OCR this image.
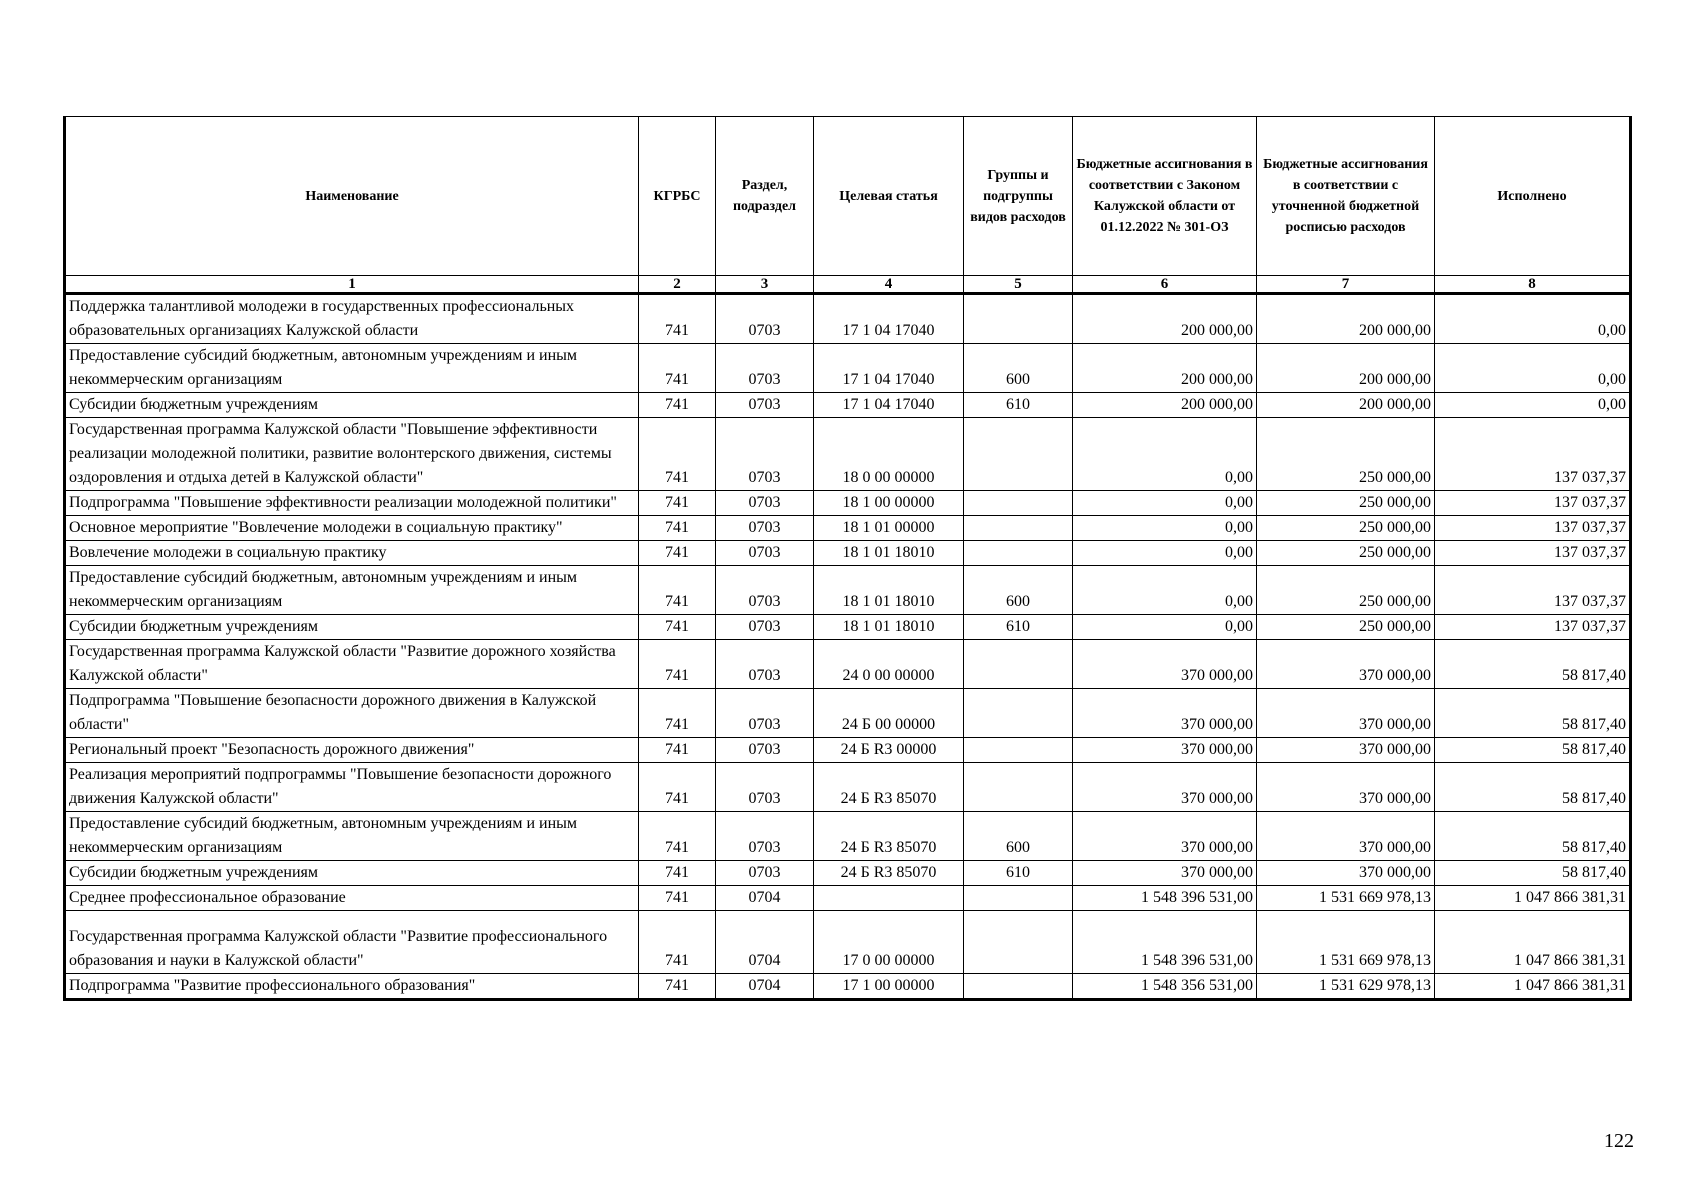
Наименование	КГРБС	Раздел, подраздел	Целевая статья	Группы и подгруппы видов расходов	Бюджетные ассигнования в соответствии с Законом Калужской области от 01.12.2022 № 301-ОЗ	Бюджетные ассигнования в соответствии с уточненной бюджетной росписью расходов	Исполнено
1	2	3	4	5	6	7	8
Поддержка талантливой молодежи в государственных профессиональных образовательных организациях Калужской области	741	0703	17 1 04 17040		200 000,00	200 000,00	0,00
Предоставление субсидий бюджетным, автономным учреждениям и иным некоммерческим организациям	741	0703	17 1 04 17040	600	200 000,00	200 000,00	0,00
Субсидии бюджетным учреждениям	741	0703	17 1 04 17040	610	200 000,00	200 000,00	0,00
Государственная программа Калужской области "Повышение эффективности реализации молодежной политики, развитие волонтерского движения, системы оздоровления и отдыха детей в Калужской области"	741	0703	18 0 00 00000		0,00	250 000,00	137 037,37
Подпрограмма "Повышение эффективности реализации молодежной политики"	741	0703	18 1 00 00000		0,00	250 000,00	137 037,37
Основное мероприятие "Вовлечение молодежи в социальную практику"	741	0703	18 1 01 00000		0,00	250 000,00	137 037,37
Вовлечение молодежи в социальную практику	741	0703	18 1 01 18010		0,00	250 000,00	137 037,37
Предоставление субсидий бюджетным, автономным учреждениям и иным некоммерческим организациям	741	0703	18 1 01 18010	600	0,00	250 000,00	137 037,37
Субсидии бюджетным учреждениям	741	0703	18 1 01 18010	610	0,00	250 000,00	137 037,37
Государственная программа Калужской области "Развитие дорожного хозяйства Калужской области"	741	0703	24 0 00 00000		370 000,00	370 000,00	58 817,40
Подпрограмма "Повышение безопасности дорожного движения в Калужской области"	741	0703	24 Б 00 00000		370 000,00	370 000,00	58 817,40
Региональный проект "Безопасность дорожного движения"	741	0703	24 Б R3 00000		370 000,00	370 000,00	58 817,40
Реализация мероприятий подпрограммы "Повышение безопасности дорожного движения Калужской области"	741	0703	24 Б R3 85070		370 000,00	370 000,00	58 817,40
Предоставление субсидий бюджетным, автономным учреждениям и иным некоммерческим организациям	741	0703	24 Б R3 85070	600	370 000,00	370 000,00	58 817,40
Субсидии бюджетным учреждениям	741	0703	24 Б R3 85070	610	370 000,00	370 000,00	58 817,40
Среднее профессиональное образование	741	0704			1 548 396 531,00	1 531 669 978,13	1 047 866 381,31
Государственная программа Калужской области "Развитие профессионального образования и науки в Калужской области"	741	0704	17 0 00 00000		1 548 396 531,00	1 531 669 978,13	1 047 866 381,31
Подпрограмма "Развитие профессионального образования"	741	0704	17 1 00 00000		1 548 356 531,00	1 531 629 978,13	1 047 866 381,31
122
